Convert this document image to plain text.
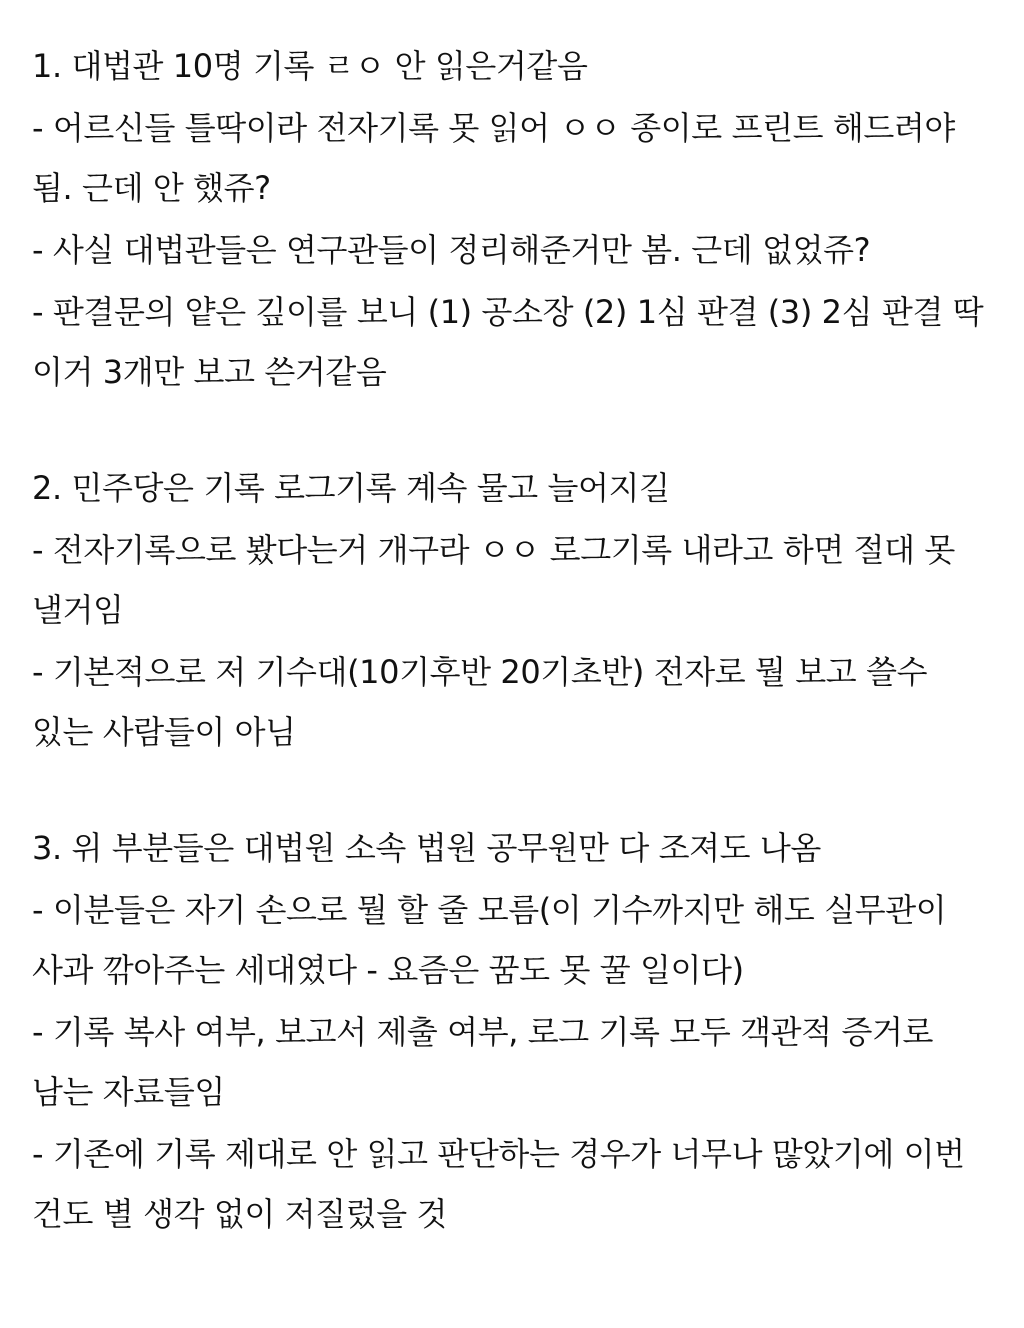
1. 대법관 10명 기록 ㄹㅇ 안 읽은거같음

- 어르신들 틀딱이라 전자기록 못 읽어 ㅇㅇ 종이로 프린트 해드려야 됨. 근데 안 했쥬?

- 사실 대법관들은 연구관들이 정리해준거만 봄. 근데 없었쥬?

- 판결문의 얕은 깊이를 보니 (1) 공소장 (2) 1심 판결 (3) 2심 판결 딱 이거 3개만 보고 쓴거같음

2. 민주당은 기록 로그기록 계속 물고 늘어지길

- 전자기록으로 봤다는거 개구라 ㅇㅇ 로그기록 내라고 하면 절대 못 낼거임

- 기본적으로 저 기수대(10기후반 20기초반) 전자로 뭘 보고 쓸수 있는 사람들이 아님

3. 위 부분들은 대법원 소속 법원 공무원만 다 조져도 나옴

- 이분들은 자기 손으로 뭘 할 줄 모름(이 기수까지만 해도 실무관이 사과 깎아주는 세대였다 - 요즘은 꿈도 못 꿀 일이다)

- 기록 복사 여부, 보고서 제출 여부, 로그 기록 모두 객관적 증거로 남는 자료들임

- 기존에 기록 제대로 안 읽고 판단하는 경우가 너무나 많았기에 이번 건도 별 생각 없이 저질렀을 것
